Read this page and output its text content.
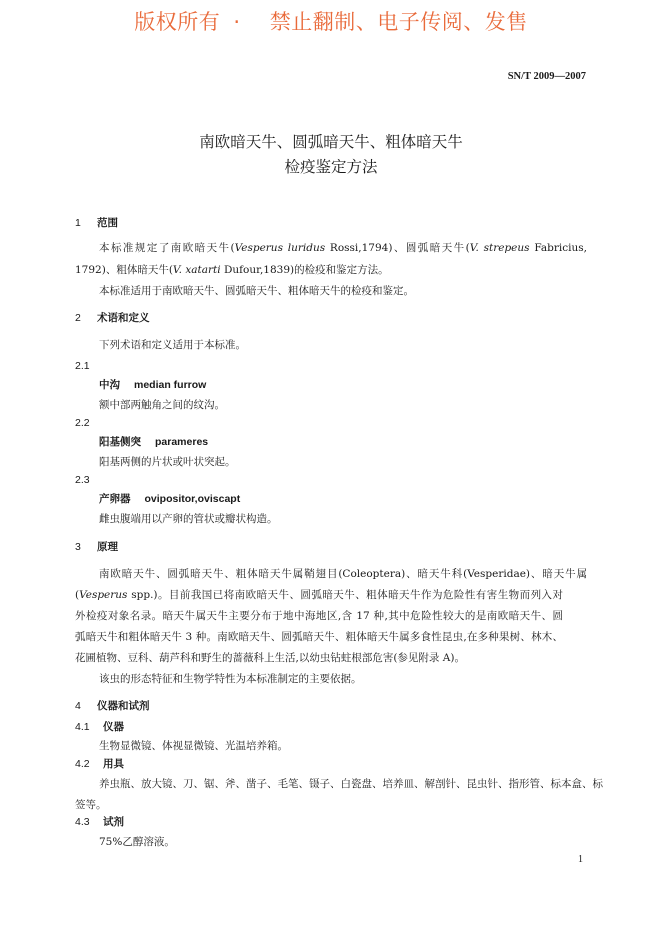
版权所有 · 禁止翻制、电子传阅、发售
SN/T 2009—2007
南欧暗天牛、圆弧暗天牛、粗体暗天牛
检疫鉴定方法
1 范围
本标准规定了南欧暗天牛(Vesperus luridus Rossi,1794)、圆弧暗天牛(V. strepeus Fabricius,
1792)、粗体暗天牛(V. xatarti Dufour,1839)的检疫和鉴定方法。
本标准适用于南欧暗天牛、圆弧暗天牛、粗体暗天牛的检疫和鉴定。
2 术语和定义
下列术语和定义适用于本标准。
2.1
中沟 median furrow
额中部两触角之间的纹沟。
2.2
阳基侧突 parameres
阳基两侧的片状或叶状突起。
2.3
产卵器 ovipositor,oviscapt
雌虫腹端用以产卵的管状或瓣状构造。
3 原理
南欧暗天牛、圆弧暗天牛、粗体暗天牛属鞘翅目(Coleoptera)、暗天牛科(Vesperidae)、暗天牛属
(Vesperus spp.)。目前我国已将南欧暗天牛、圆弧暗天牛、粗体暗天牛作为危险性有害生物而列入对
外检疫对象名录。暗天牛属天牛主要分布于地中海地区,含 17 种,其中危险性较大的是南欧暗天牛、圆
弧暗天牛和粗体暗天牛 3 种。南欧暗天牛、圆弧暗天牛、粗体暗天牛属多食性昆虫,在多种果树、林木、
花圃植物、豆科、葫芦科和野生的蔷薇科上生活,以幼虫钻蛀根部危害(参见附录 A)。
该虫的形态特征和生物学特性为本标准制定的主要依据。
4 仪器和试剂
4.1 仪器
生物显微镜、体视显微镜、光温培养箱。
4.2 用具
养虫瓶、放大镜、刀、锯、斧、凿子、毛笔、镊子、白瓷盘、培养皿、解剖针、昆虫针、指形管、标本盒、标
签等。
4.3 试剂
75%乙醇溶液。
1
